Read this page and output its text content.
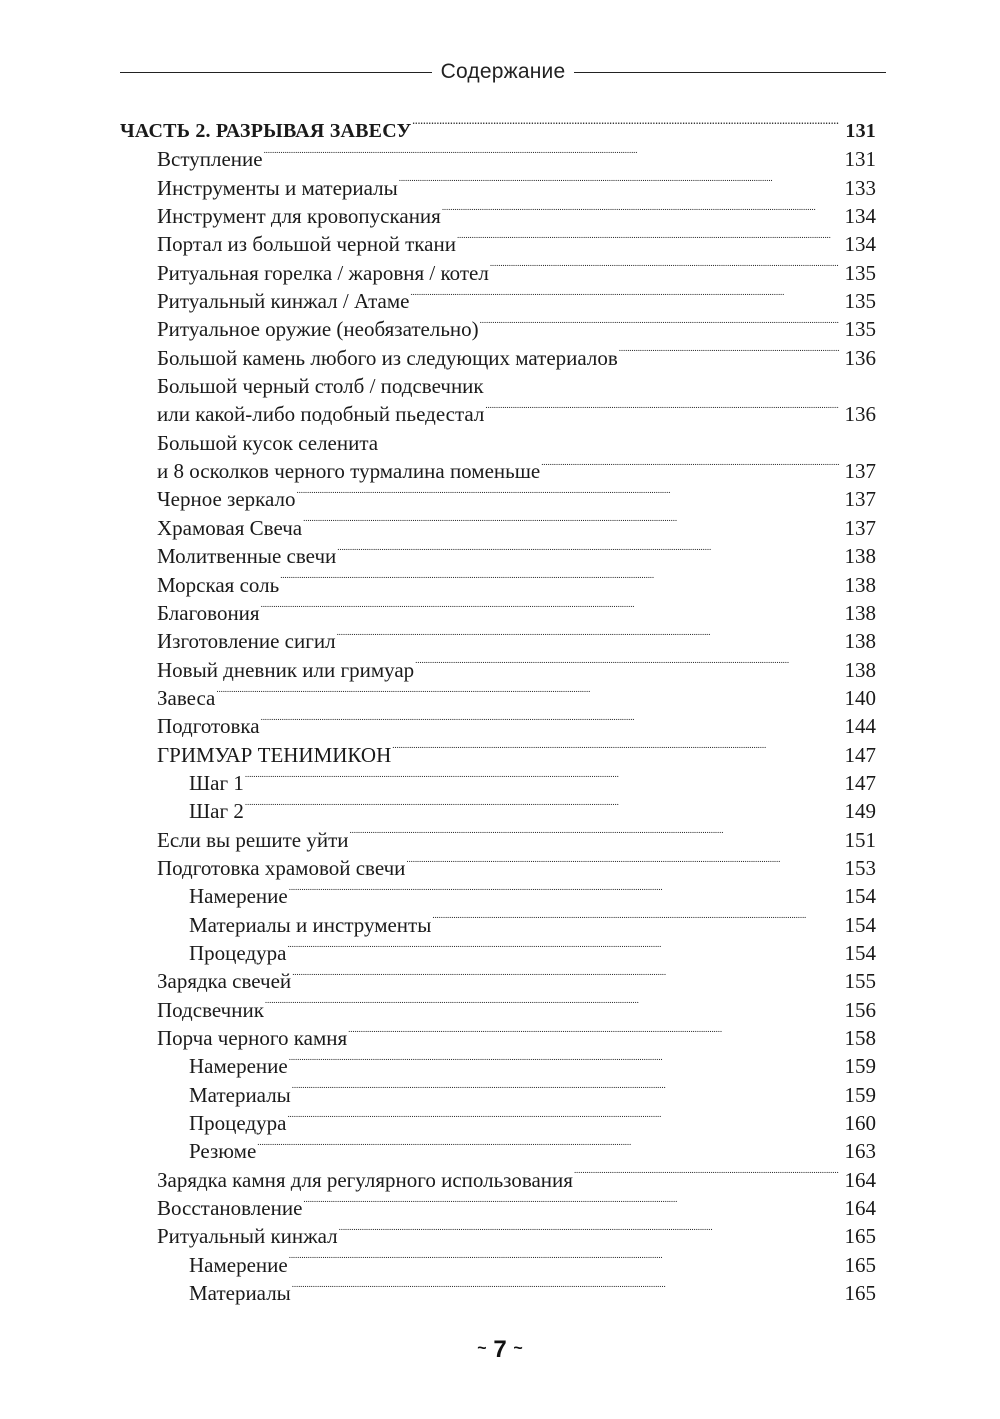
Содержание
ЧАСТЬ 2. РАЗРЫВАЯ ЗАВЕСУ . . .	131
Вступление . . .	131
Инструменты и материалы . . .	133
Инструмент для кровопускания . . .	134
Портал из большой черной ткани . . .	134
Ритуальная горелка / жаровня / котел . . .	135
Ритуальный кинжал / Атаме . . .	135
Ритуальное оружие (необязательно) . . .	135
Большой камень любого из следующих материалов . . .	136
Большой черный столб / подсвечник
или какой-либо подобный пьедестал . . .	136
Большой кусок селенита
и 8 осколков черного турмалина поменьше . . .	137
Черное зеркало . . .	137
Храмовая Свеча . . .	137
Молитвенные свечи . . .	138
Морская соль . . .	138
Благовония . . .	138
Изготовление сигил . . .	138
Новый дневник или гримуар . . .	138
Завеса . . .	140
Подготовка . . .	144
ГРИМУАР ТЕНИМИКОН . . .	147
Шаг 1 . . .	147
Шаг 2 . . .	149
Если вы решите уйти . . .	151
Подготовка храмовой свечи . . .	153
Намерение . . .	154
Материалы и инструменты . . .	154
Процедура . . .	154
Зарядка свечей . . .	155
Подсвечник . . .	156
Порча черного камня . . .	158
Намерение . . .	159
Материалы . . .	159
Процедура . . .	160
Резюме . . .	163
Зарядка камня для регулярного использования . . .	164
Восстановление . . .	164
Ритуальный кинжал . . .	165
Намерение . . .	165
Материалы . . .	165
~ 7 ~
